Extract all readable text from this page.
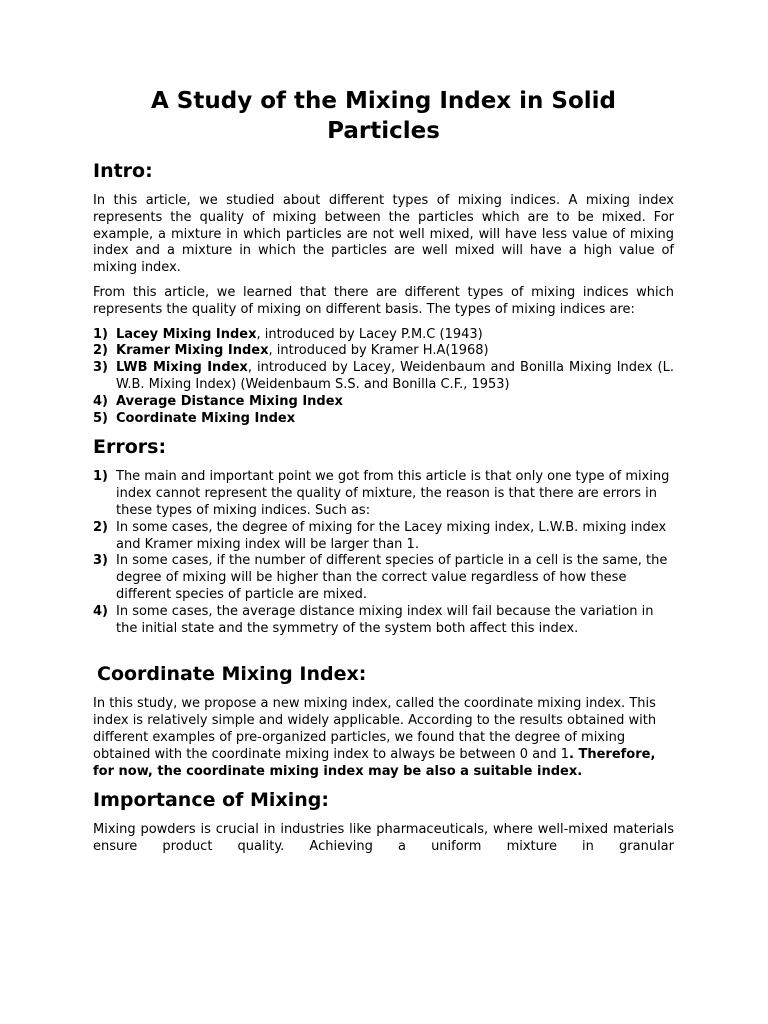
A Study of the Mixing Index in Solid Particles
Intro:

In this article, we studied about different types of mixing indices. A mixing index represents the quality of mixing between the particles which are to be mixed. For example, a mixture in which particles are not well mixed, will have less value of mixing index and a mixture in which the particles are well mixed will have a high value of mixing index.

From this article, we learned that there are different types of mixing indices which represents the quality of mixing on different basis. The types of mixing indices are:

1) Lacey Mixing Index, introduced by Lacey P.M.C (1943)
2) Kramer Mixing Index, introduced by Kramer H.A(1968)
3) LWB Mixing Index, introduced by Lacey, Weidenbaum and Bonilla Mixing Index (L. W.B. Mixing Index) (Weidenbaum S.S. and Bonilla C.F., 1953)
4) Average Distance Mixing Index
5) Coordinate Mixing Index
Errors:
1) The main and important point we got from this article is that only one type of mixing index cannot represent the quality of mixture, the reason is that there are errors in these types of mixing indices. Such as:
2) In some cases, the degree of mixing for the Lacey mixing index, L.W.B. mixing index and Kramer mixing index will be larger than 1.
3) In some cases, if the number of different species of particle in a cell is the same, the degree of mixing will be higher than the correct value regardless of how these different species of particle are mixed.
4) In some cases, the average distance mixing index will fail because the variation in the initial state and the symmetry of the system both affect this index.
Coordinate Mixing Index:

In this study, we propose a new mixing index, called the coordinate mixing index. This index is relatively simple and widely applicable. According to the results obtained with different examples of pre-organized particles, we found that the degree of mixing obtained with the coordinate mixing index to always be between 0 and 1. Therefore, for now, the coordinate mixing index may be also a suitable index.

Importance of Mixing:

Mixing powders is crucial in industries like pharmaceuticals, where well-mixed materials ensure product quality. Achieving a uniform mixture in granular
